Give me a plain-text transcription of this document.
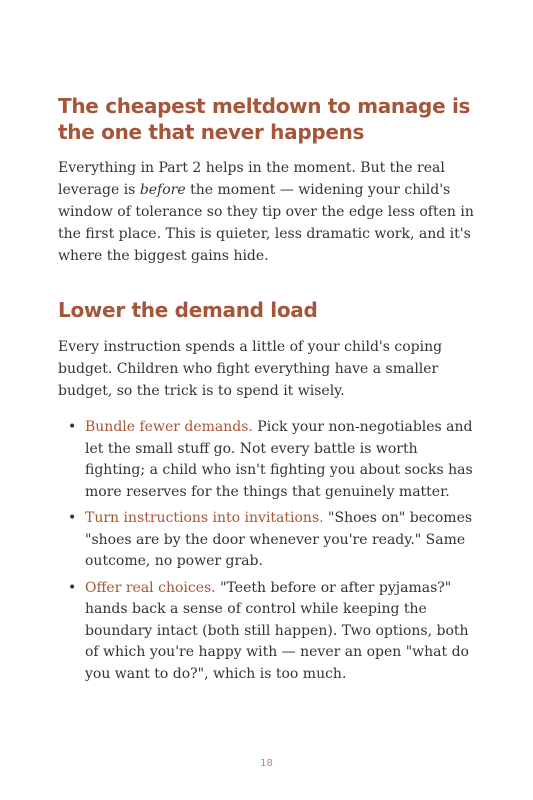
The cheapest meltdown to manage is the one that never happens

Everything in Part 2 helps in the moment. But the real leverage is before the moment — widening your child's window of tolerance so they tip over the edge less often in the first place. This is quieter, less dramatic work, and it's where the biggest gains hide.

Lower the demand load

Every instruction spends a little of your child's coping budget. Children who fight everything have a smaller budget, so the trick is to spend it wisely.

• Bundle fewer demands. Pick your non-negotiables and let the small stuff go. Not every battle is worth fighting; a child who isn't fighting you about socks has more reserves for the things that genuinely matter.
• Turn instructions into invitations. "Shoes on" becomes "shoes are by the door whenever you're ready." Same outcome, no power grab.
• Offer real choices. "Teeth before or after pyjamas?" hands back a sense of control while keeping the boundary intact (both still happen). Two options, both of which you're happy with — never an open "what do you want to do?", which is too much.
18
